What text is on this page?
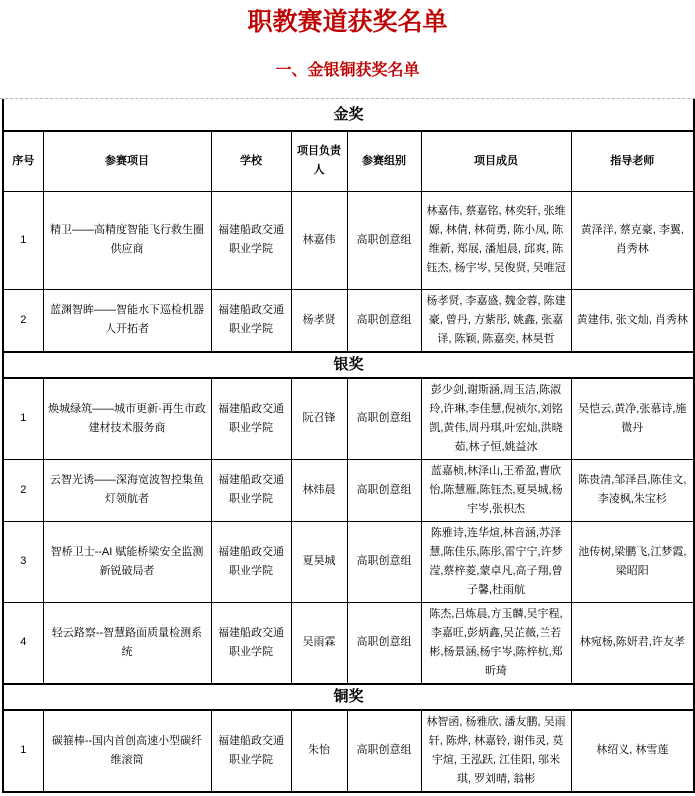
职教赛道获奖名单
一、金银铜获奖名单
金奖						
序号	参赛项目	学校	项目负责人	参赛组别	项目成员	指导老师
1	精卫——高精度智能飞行救生圈供应商	福建船政交通职业学院	林嘉伟	高职创意组	林嘉伟, 蔡嘉铭, 林奕轩, 张维嫄, 林倩, 林荷勇, 陈小凤, 陈维新, 郑展, 潘旭晨, 邱爽, 陈钰杰, 杨宇岑, 吴俊贤, 吴唯冠	黄泽洋, 蔡克豪, 李翼, 肖秀林
2	蓝渊智眸——智能水下巡检机器人开拓者	福建船政交通职业学院	杨孝贤	高职创意组	杨孝贤, 李嘉盛, 魏金蓉, 陈建豪, 曾丹, 方紫彤, 姚鑫, 张嘉译, 陈颖, 陈嘉奕, 林昊哲	黄建伟, 张文灿, 肖秀林
银奖						
1	焕城绿筑——城市更新·再生市政建材技术服务商	福建船政交通职业学院	阮召锋	高职创意组	彭少剑,谢斯涵,周玉洁,陈淑玲,许琳,李佳慧,倪祯尔,刘铭凯,黄伟,周丹琪,叶宏灿,洪晓茹,林子恒,姚益冰	吴恺云,黄净,张慕诗,施微丹
2	云智光诱——深海宽波智控集鱼灯领航者	福建船政交通职业学院	林炜晨	高职创意组	蓝嘉桢,林泽山,王希盈,曹欣怡,陈慧雁,陈钰杰,夏昊城,杨宇岑,张枳杰	陈贵清,邹泽昌,陈佳文,李凌枫,朱宝杉
3	智桥卫士--AI 赋能桥梁安全监测新锐破局者	福建船政交通职业学院	夏昊城	高职创意组	陈雅诗,连华煊,林音涵,苏泽慧,陈佳乐,陈彤,雷宁宁,许梦滢,蔡梓菱,蒙卓凡,高子翔,曾子馨,杜雨航	池传树,梁鹏飞,江梦霞,梁昭阳
4	轻云路察--智慧路面质量检测系统	福建船政交通职业学院	吴雨霖	高职创意组	陈杰,吕炼晨,方玉麟,吴宇程,李嘉旺,彭炳鑫,吴芷薇,兰若彬,杨景涵,杨宇岑,陈梓杭,郑昕琦	林宛杨,陈妍君,许友孝
铜奖						
1	碳箍棒--国内首创高速小型碳纤维滚筒	福建船政交通职业学院	朱怡	高职创意组	林智函, 杨雅欣, 潘友鹏, 吴雨轩, 陈烨, 林嘉铃, 谢伟灵, 莫宇煊, 王泓跃, 江佳阳, 邬米琪, 罗刘晴, 翁彬	林绍义, 林雪莲
